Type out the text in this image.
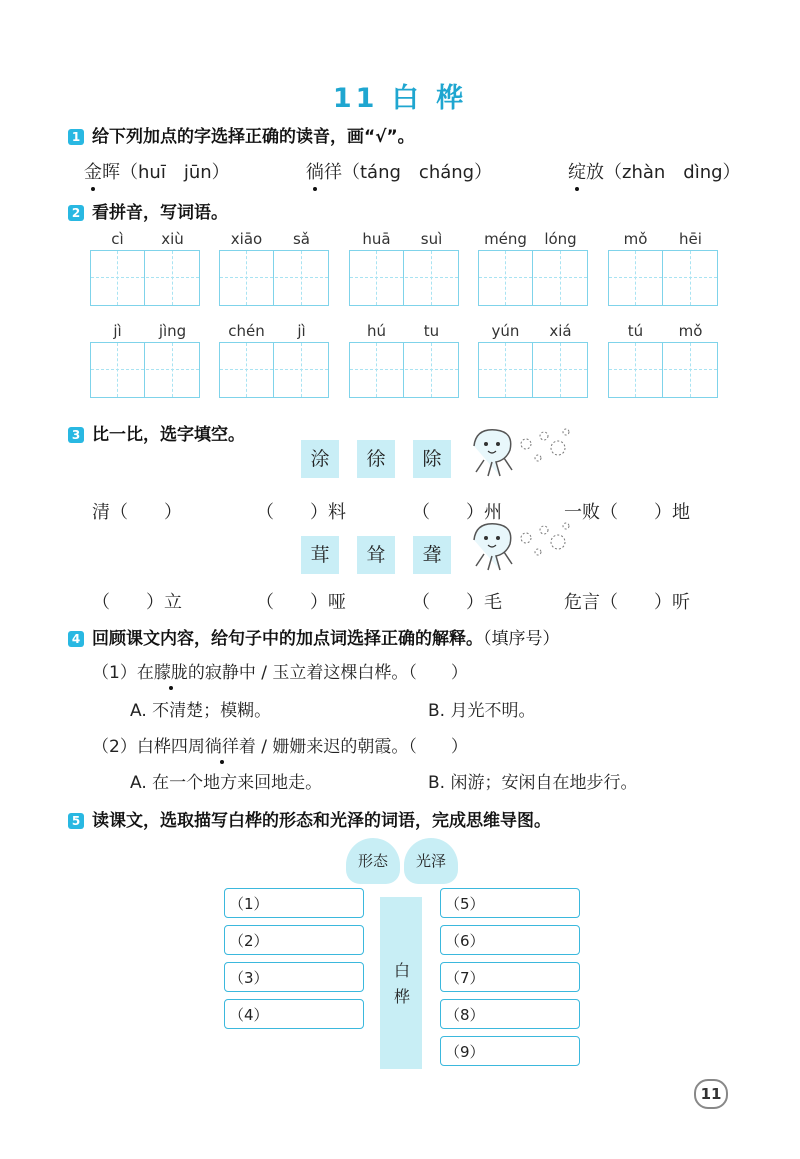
11 白 桦
1 给下列加点的字选择正确的读音，画“√”。
金晖（huī　jūn）	徜徉（táng　cháng）	绽放（zhàn　dìng）
2 看拼音，写词语。
cì	xiù	xiāo	sǎ	huā	suì	méng	lóng	mǒ	hēi
jì	jìng	chén	jì	hú	tu	yún	xiá	tú	mǒ
3 比一比，选字填空。
涂	徐	除
清（　　）	（　　）料	（　　）州	一败（　　）地
茸	耸	聋
（　　）立	（　　）哑	（　　）毛	危言（　　）听
4 回顾课文内容，给句子中的加点词选择正确的解释。（填序号）
（1）在朦胧的寂静中 / 玉立着这棵白桦。（　　）
A. 不清楚；模糊。	B. 月光不明。
（2）白桦四周徜徉着 / 姗姗来迟的朝霞。（　　）
A. 在一个地方来回地走。	B. 闲游；安闲自在地步行。
5 读课文，选取描写白桦的形态和光泽的词语，完成思维导图。
形态	光泽
白桦
（1）
（2）
（3）
（4）
（5）
（6）
（7）
（8）
（9）
11
